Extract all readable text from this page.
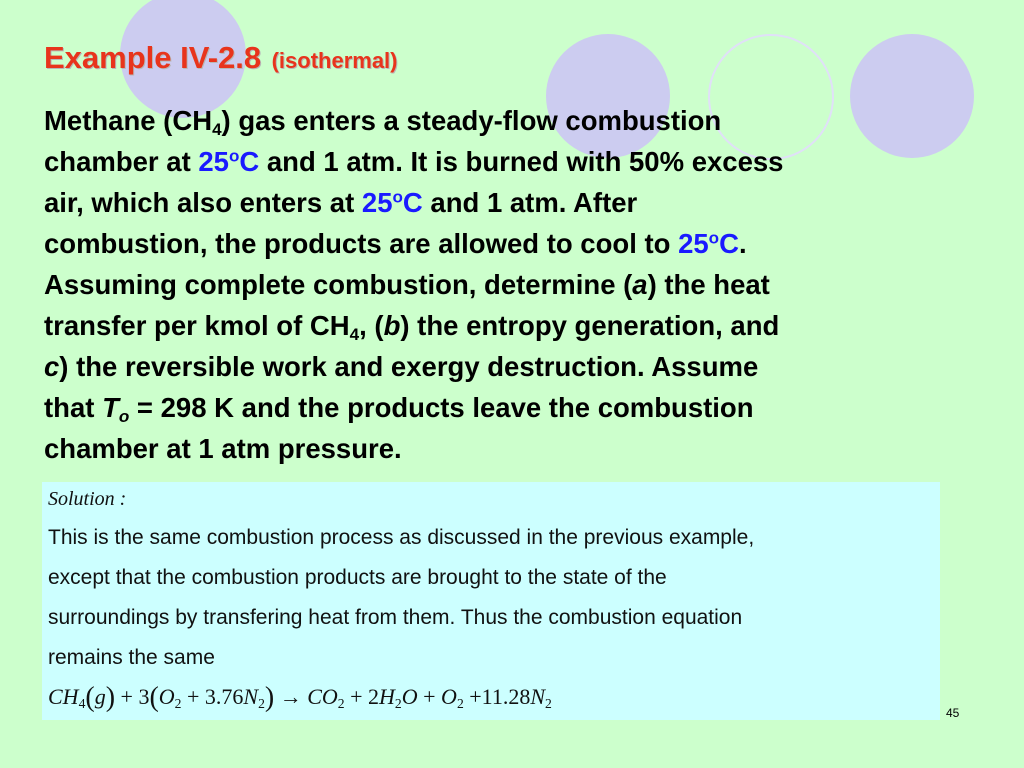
Example IV-2.8 (isothermal)
Methane $(CH_4)$ gas enters a steady-flow combustion
chamber at 25$^o$C and 1 atm. It is burned with 50% excess
air, which also enters at 25$^o$C and 1 atm. After
combustion, the products are allowed to cool to 25$^o$C.
Assuming complete combustion, determine (a) the heat
transfer per kmol of $CH_4$, (b) the entropy generation, and
c) the reversible work and exergy destruction. Assume
that $T_o = 298$ K and the products leave the combustion
chamber at 1 atm pressure.
Solution :
This is the same combustion process as discussed in the previous example,
except that the combustion products are brought to the state of the
surroundings by transfering heat from them. Thus the combustion equation
remains the same
$CH_4(g) + 3(O_2 + 3.76N_2) \to CO_2 + 2H_2O + O_2 +11.28N_2$
45
